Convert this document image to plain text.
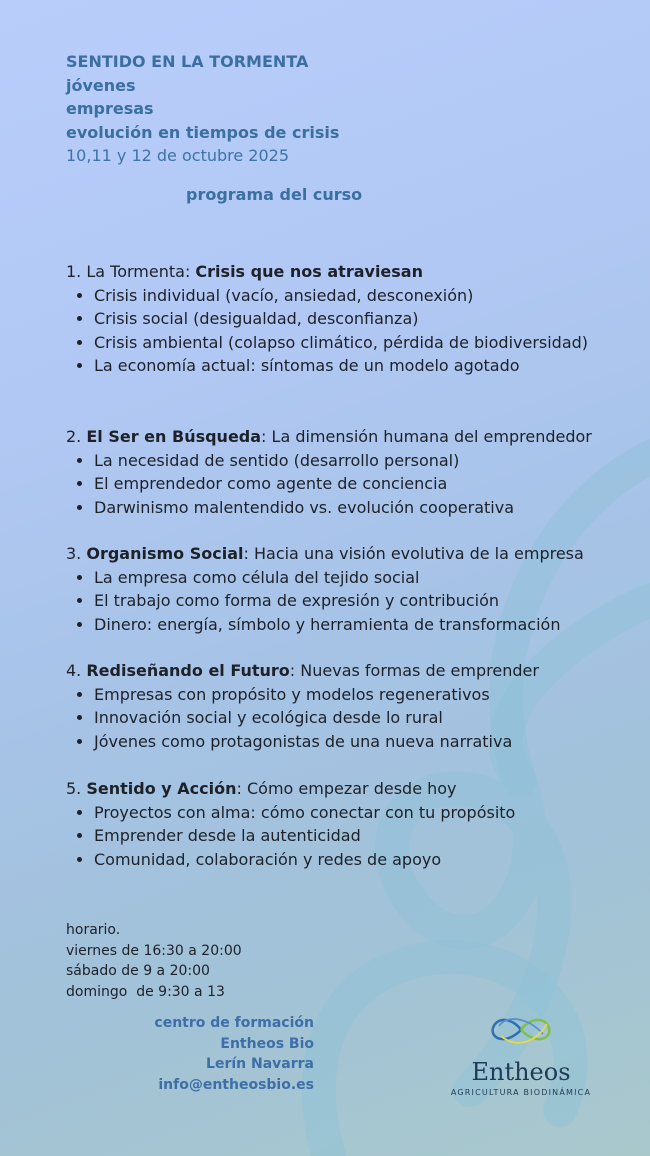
SENTIDO EN LA TORMENTA
jóvenes
empresas
evolución en tiempos de crisis
10,11 y 12 de octubre 2025
programa del curso
1. La Tormenta: Crisis que nos atraviesan
• Crisis individual (vacío, ansiedad, desconexión)
• Crisis social (desigualdad, desconfianza)
• Crisis ambiental (colapso climático, pérdida de biodiversidad)
• La economía actual: síntomas de un modelo agotado
2. El Ser en Búsqueda: La dimensión humana del emprendedor
• La necesidad de sentido (desarrollo personal)
• El emprendedor como agente de conciencia
• Darwinismo malentendido vs. evolución cooperativa
3. Organismo Social: Hacia una visión evolutiva de la empresa
• La empresa como célula del tejido social
• El trabajo como forma de expresión y contribución
• Dinero: energía, símbolo y herramienta de transformación
4. Rediseñando el Futuro: Nuevas formas de emprender
• Empresas con propósito y modelos regenerativos
• Innovación social y ecológica desde lo rural
• Jóvenes como protagonistas de una nueva narrativa
5. Sentido y Acción: Cómo empezar desde hoy
• Proyectos con alma: cómo conectar con tu propósito
• Emprender desde la autenticidad
• Comunidad, colaboración y redes de apoyo
horario.
viernes de 16:30 a 20:00
sábado de 9 a 20:00
domingo  de 9:30 a 13
centro de formación
Entheos Bio
Lerín Navarra
info@entheosbio.es	Entheos
AGRICULTURA BIODINÁMICA
